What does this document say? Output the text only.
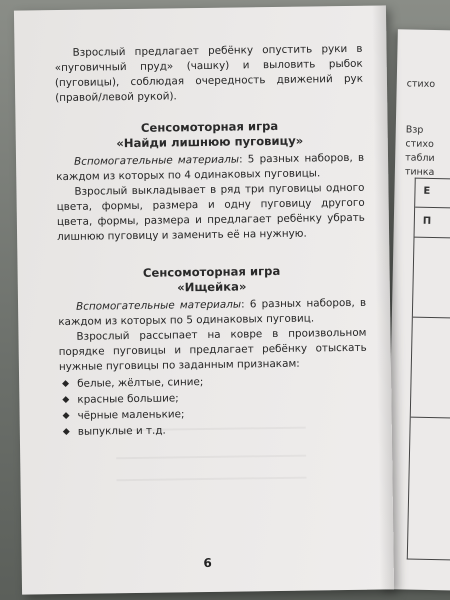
стихо
Взр
стихо
табли
тинка
Е
П

Взрослый предлагает ребёнку опустить руки в «пуговичный пруд» (чашку) и выловить рыбок (пуговицы), соблюдая очередность движений рук (правой/левой рукой).

Сенсомоторная игра
«Найди лишнюю пуговицу»

Вспомогательные материалы: 5 разных наборов, в каждом из которых по 4 одинаковых пуговицы.

Взрослый выкладывает в ряд три пуговицы одного цвета, формы, размера и одну пуговицу другого цвета, формы, размера и предлагает ребёнку убрать лишнюю пуговицу и заменить её на нужную.

Сенсомоторная игра
«Ищейка»

Вспомогательные материалы: 6 разных наборов, в каждом из которых по 5 одинаковых пуговиц.

Взрослый рассыпает на ковре в произвольном порядке пуговицы и предлагает ребёнку отыскать нужные пуговицы по заданным признакам:

◆ белые, жёлтые, синие;
◆ красные большие;
◆ чёрные маленькие;
◆ выпуклые и т.д.
6
